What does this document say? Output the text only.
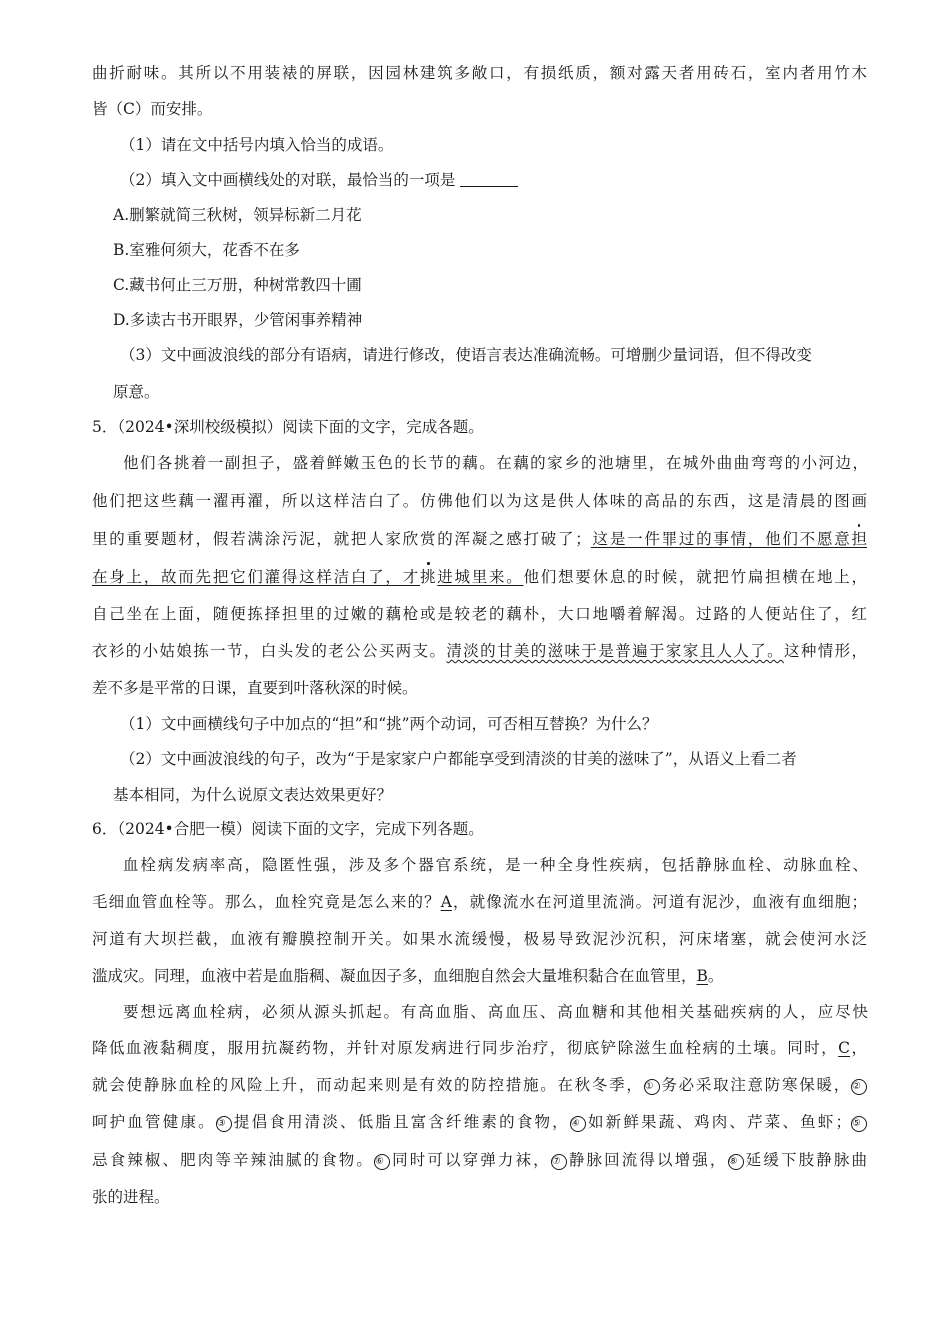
曲折耐味。其所以不用装裱的屏联，因园林建筑多敞口，有损纸质，额对露天者用砖石，室内者用竹木
皆（C）而安排。
（1）请在文中括号内填入恰当的成语。
（2）填入文中画横线处的对联，最恰当的一项是
A.删繁就简三秋树，领异标新二月花
B.室雅何须大，花香不在多
C.藏书何止三万册，种树常教四十圃
D.多读古书开眼界，少管闲事养精神
（3）文中画波浪线的部分有语病，请进行修改，使语言表达准确流畅。可增删少量词语，但不得改变
原意。
5．（2024•深圳校级模拟）阅读下面的文字，完成各题。
他们各挑着一副担子，盛着鲜嫩玉色的长节的藕。在藕的家乡的池塘里，在城外曲曲弯弯的小河边，
他们把这些藕一濯再濯，所以这样洁白了。仿佛他们以为这是供人体味的高品的东西，这是清晨的图画
里的重要题材，假若满涂污泥，就把人家欣赏的浑凝之感打破了；这是一件罪过的事情，他们不愿意担
在身上，故而先把它们灌得这样洁白了，才挑进城里来。他们想要休息的时候，就把竹扁担横在地上，
自己坐在上面，随便拣择担里的过嫩的藕枪或是较老的藕朴，大口地嚼着解渴。过路的人便站住了，红
衣衫的小姑娘拣一节，白头发的老公公买两支。清淡的甘美的滋味于是普遍于家家且人人了。这种情形，
差不多是平常的日课，直要到叶落秋深的时候。
（1）文中画横线句子中加点的“担”和“挑”两个动词，可否相互替换？为什么？
（2）文中画波浪线的句子，改为“于是家家户户都能享受到清淡的甘美的滋味了”，从语义上看二者
基本相同，为什么说原文表达效果更好？
6．（2024•合肥一模）阅读下面的文字，完成下列各题。
血栓病发病率高，隐匿性强，涉及多个器官系统，是一种全身性疾病，包括静脉血栓、动脉血栓、
毛细血管血栓等。那么，血栓究竟是怎么来的？A，就像流水在河道里流淌。河道有泥沙，血液有血细胞；
河道有大坝拦截，血液有瓣膜控制开关。如果水流缓慢，极易导致泥沙沉积，河床堵塞，就会使河水泛
滥成灾。同理，血液中若是血脂稠、凝血因子多，血细胞自然会大量堆积黏合在血管里，B。
要想远离血栓病，必须从源头抓起。有高血脂、高血压、高血糖和其他相关基础疾病的人，应尽快
降低血液黏稠度，服用抗凝药物，并针对原发病进行同步治疗，彻底铲除滋生血栓病的土壤。同时，C，
就会使静脉血栓的风险上升，而动起来则是有效的防控措施。在秋冬季，① 务必采取注意防寒保暖，②
呵护血管健康。③ 提倡食用清淡、低脂且富含纤维素的食物，④ 如新鲜果蔬、鸡肉、芹菜、鱼虾；⑤
忌食辣椒、肥肉等辛辣油腻的食物。⑥ 同时可以穿弹力袜，⑦ 静脉回流得以增强，⑧ 延缓下肢静脉曲
张的进程。
